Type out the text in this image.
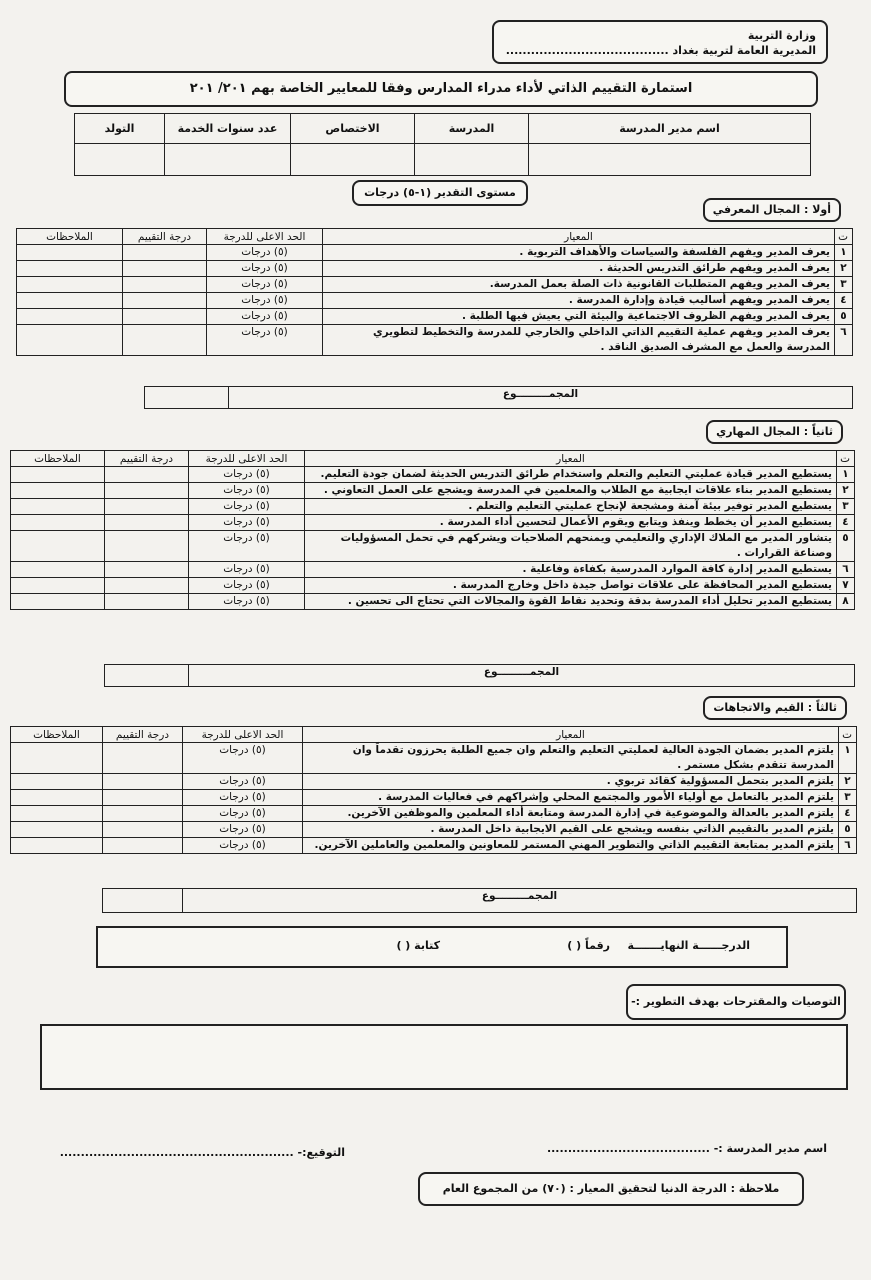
وزارة التربية
المديرية العامة لتربية بغداد .......................................
استمارة التقييم الذاتي لأداء مدراء المدارس وفقا للمعايير الخاصة بهم ٢٠١/ ٢٠١
اسم مدير المدرسة	المدرسة	الاختصاص	عدد سنوات الخدمة	التولد

مستوى التقدير (١-٥) درجات
أولا : المجال المعرفي
ت	المعيار	الحد الاعلى للدرجة	درجة التقييم	الملاحظات
١	يعرف المدير ويفهم الفلسفة والسياسات والأهداف التربوية .	(٥) درجات		
٢	يعرف المدير ويفهم طرائق التدريس الحديثة .	(٥) درجات		
٣	يعرف المدير ويفهم المتطلبات القانونية ذات الصلة بعمل المدرسة.	(٥) درجات		
٤	يعرف المدير ويفهم أساليب قيادة وإدارة المدرسة .	(٥) درجات		
٥	يعرف المدير ويفهم الظروف الاجتماعية والبيئة التي يعيش فيها الطلبة .	(٥) درجات		
٦	يعرف المدير ويفهم عملية التقييم الذاتي الداخلي والخارجي للمدرسة والتخطيط لتطويري المدرسة والعمل مع المشرف الصديق الناقد .	(٥) درجات		
المجمـــــــــوع	
ثانياً : المجال المهاري
ت	المعيار	الحد الاعلى للدرجة	درجة التقييم	الملاحظات
١	يستطيع المدير قيادة عمليتي التعليم والتعلم واستخدام طرائق التدريس الحديثة لضمان جودة التعليم.	(٥) درجات		
٢	يستطيع المدير بناء علاقات ايجابية مع الطلاب والمعلمين في المدرسة ويشجع على العمل التعاوني .	(٥) درجات		
٣	يستطيع المدير توفير بيئة آمنة ومشجعة لإنجاح عمليتي التعليم والتعلم .	(٥) درجات		
٤	يستطيع المدير أن يخطط وينفذ ويتابع ويقوم الأعمال لتحسين أداء المدرسة .	(٥) درجات		
٥	يتشاور المدير مع الملاك الإداري والتعليمي ويمنحهم الصلاحيات ويشركهم في تحمل المسؤوليات وصناعة القرارات .	(٥) درجات		
٦	يستطيع المدير إدارة كافة الموارد المدرسية بكفاءة وفاعلية .	(٥) درجات		
٧	يستطيع المدير المحافظة على علاقات تواصل جيدة داخل وخارج المدرسة .	(٥) درجات		
٨	يستطيع المدير تحليل أداء المدرسة بدقة وتحديد نقاط القوة والمجالات التي تحتاج الى تحسين .	(٥) درجات		
المجمـــــــــوع	
ثالثاً : القيم والاتجاهات
ت	المعيار	الحد الاعلى للدرجة	درجة التقييم	الملاحظات
١	يلتزم المدير بضمان الجودة العالية لعمليتي التعليم والتعلم وان جميع الطلبة يحرزون تقدماً وان المدرسة تتقدم بشكل مستمر .	(٥) درجات		
٢	يلتزم المدير بتحمل المسؤولية كقائد تربوي .	(٥) درجات		
٣	يلتزم المدير بالتعامل مع أولياء الأمور والمجتمع المحلي وإشراكهم في فعاليات المدرسة .	(٥) درجات		
٤	يلتزم المدير بالعدالة والموضوعية في إدارة المدرسة ومتابعة أداء المعلمين والموظفين الآخرين.	(٥) درجات		
٥	يلتزم المدير بالتقييم الذاتي بنفسه ويشجع على القيم الايجابية داخل المدرسة .	(٥) درجات		
٦	يلتزم المدير بمتابعة التقييم الذاتي والتطوير المهني المستمر للمعاونين والمعلمين والعاملين الآخرين.	(٥) درجات		
المجمـــــــــوع	
الدرجــــــة النهايـــــــة
رقماً ( )
كتابة ( )
التوصيات والمقترحات بهدف التطوير :-
اسم مدير المدرسة :- .......................................
التوقيع:- ........................................................
ملاحظة : الدرجة الدنيا لتحقيق المعيار : (٧٠) من المجموع العام
